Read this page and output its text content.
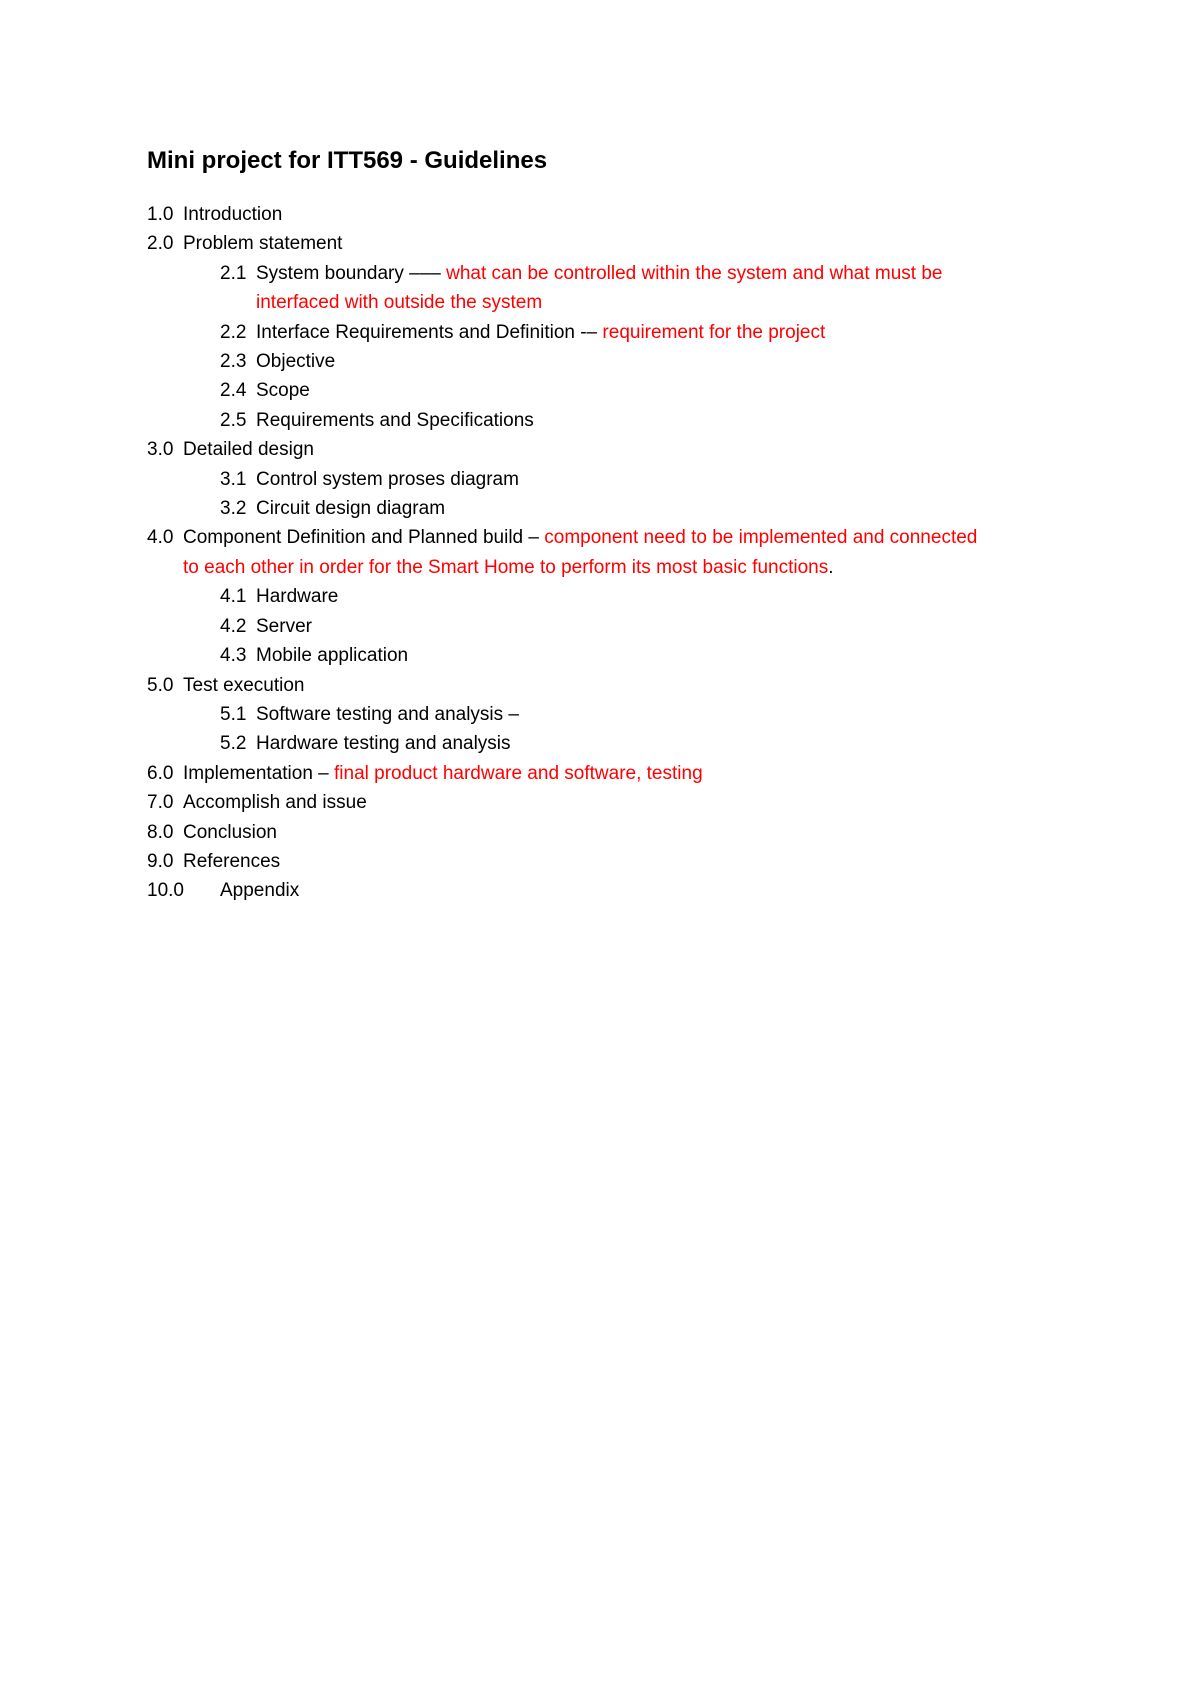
Mini project for ITT569 - Guidelines
1.0 Introduction
2.0 Problem statement
2.1 System boundary ––– what can be controlled within the system and what must be interfaced with outside the system
2.2 Interface Requirements and Definition -– requirement for the project
2.3 Objective
2.4 Scope
2.5 Requirements and Specifications
3.0 Detailed design
3.1 Control system proses diagram
3.2 Circuit design diagram
4.0 Component Definition and Planned build – component need to be implemented and connected to each other in order for the Smart Home to perform its most basic functions.
4.1 Hardware
4.2 Server
4.3 Mobile application
5.0 Test execution
5.1 Software testing and analysis –
5.2 Hardware testing and analysis
6.0 Implementation – final product hardware and software, testing
7.0 Accomplish and issue
8.0 Conclusion
9.0 References
10.0 Appendix
